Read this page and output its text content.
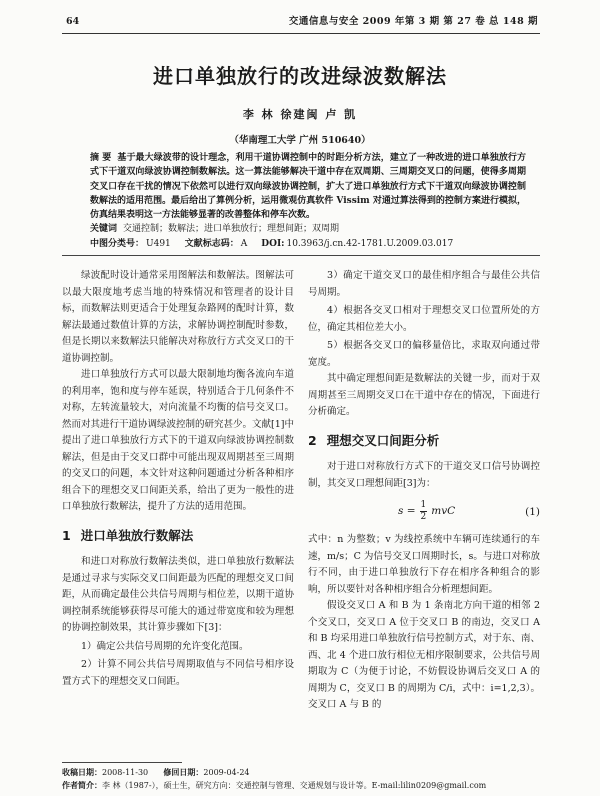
64	交通信息与安全 2009 年第 3 期 第 27 卷 总 148 期
进口单独放行的改进绿波数解法
李 林 徐建闽 卢 凯
（华南理工大学 广州 510640）
摘 要 基于最大绿波带的设计理念，利用干道协调控制中的时距分析方法，建立了一种改进的进口单独放行方式下干道双向绿波协调控制数解法。这一算法能够解决干道中存在双周期、三周期交叉口的问题，使得多周期交叉口存在干扰的情况下依然可以进行双向绿波协调控制，扩大了进口单独放行方式下干道双向绿波协调控制数解法的适用范围。最后给出了算例分析，运用微观仿真软件 Vissim 对通过算法得到的控制方案进行模拟，仿真结果表明这一方法能够显著的改善整体和停车次数。
关键词 交通控制；数解法；进口单独放行；理想间距；双周期
中图分类号： U491 文献标志码： A DOI: 10.3963/j.cn.42-1781.U.2009.03.017

绿波配时设计通常采用图解法和数解法。图解法可以最大限度地考虑当地的特殊情况和管理者的设计目标，而数解法则更适合于处理复杂路网的配时计算，数解法最通过数值计算的方法，求解协调控制配时参数，但是长期以来数解法只能解决对称放行方式交叉口的干道协调控制。

进口单独放行方式可以最大限制地均衡各流向车道的利用率，饱和度与停车延误，特别适合于几何条件不对称，左转流量较大，对向流量不均衡的信号交叉口。然而对其进行干道协调绿波控制的研究甚少。文献[1]中提出了进口单独放行方式下的干道双向绿波协调控制数解法，但是由于交叉口群中可能出现双周期甚至三周期的交叉口的问题，本文针对这种问题通过分析各种相序组合下的理想交叉口间距关系，给出了更为一般性的进口单独放行数解法，提升了方法的适用范围。

1 进口单独放行数解法

和进口对称放行数解法类似，进口单独放行数解法是通过寻求与实际交叉口间距最为匹配的理想交叉口间距，从而确定最佳公共信号周期与相位差，以期干道协调控制系统能够获得尽可能大的通过带宽度和较为理想的协调控制效果，其计算步骤如下[3]：

1）确定公共信号周期的允许变化范围。

2）计算不同公共信号周期取值与不同信号相序设置方式下的理想交叉口间距。

3）确定干道交叉口的最佳相序组合与最佳公共信号周期。

4）根据各交叉口相对于理想交叉口位置所处的方位，确定其相位差大小。

5）根据各交叉口的偏移量倍比，求取双向通过带宽度。

其中确定理想间距是数解法的关键一步，而对于双周期甚至三周期交叉口在干道中存在的情况，下面进行分析确定。

2 理想交叉口间距分析

对于进口对称放行方式下的干道交叉口信号协调控制，其交叉口理想间距[3]为：

$s = \frac{1}{2}$ mvC	(1)

式中：n 为整数；v 为线控系统中车辆可连续通行的车速，m/s；C 为信号交叉口周期时长，s。与进口对称放行不同，由于进口单独放行下存在相序各种组合的影响，所以要针对各种相序组合分析理想间距。

假设交叉口 A 和 B 为 1 条南北方向干道的相邻 2 个交叉口，交叉口 A 位于交叉口 B 的南边，交叉口 A 和 B 均采用进口单独放行信号控制方式，对于东、南、西、北 4 个进口放行相位无相序限制要求，公共信号周期取为 C（为便于讨论，不妨假设协调后交叉口 A 的周期为 C，交叉口 B 的周期为 C/i，式中：i=1,2,3）。交叉口 A 与 B 的

收稿日期：2008-11-30 修回日期：2009-04-24
作者简介：李 林（1987-），硕士生，研究方向：交通控制与管理、交通规划与设计等。E-mail:lilin0209@gmail.com
